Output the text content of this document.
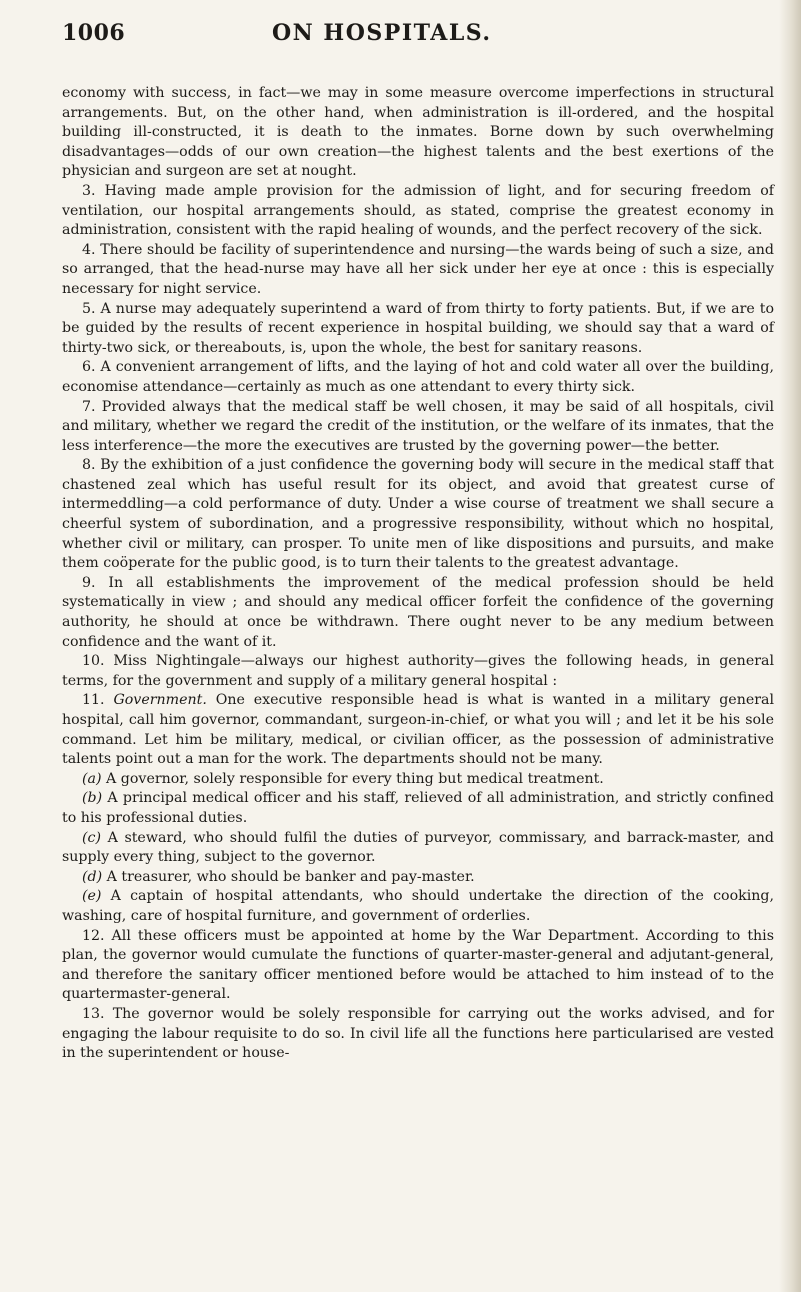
1006	ON HOSPITALS.

economy with success, in fact—we may in some measure overcome imperfections in structural arrangements. But, on the other hand, when administration is ill-ordered, and the hospital building ill-constructed, it is death to the inmates. Borne down by such overwhelming disadvantages—odds of our own creation—the highest talents and the best exertions of the physician and surgeon are set at nought.

3. Having made ample provision for the admission of light, and for securing freedom of ventilation, our hospital arrangements should, as stated, comprise the greatest economy in administration, consistent with the rapid healing of wounds, and the perfect recovery of the sick.

4. There should be facility of superintendence and nursing—the wards being of such a size, and so arranged, that the head-nurse may have all her sick under her eye at once : this is especially necessary for night service.

5. A nurse may adequately superintend a ward of from thirty to forty patients. But, if we are to be guided by the results of recent experience in hospital building, we should say that a ward of thirty-two sick, or thereabouts, is, upon the whole, the best for sanitary reasons.

6. A convenient arrangement of lifts, and the laying of hot and cold water all over the building, economise attendance—certainly as much as one attendant to every thirty sick.

7. Provided always that the medical staff be well chosen, it may be said of all hospitals, civil and military, whether we regard the credit of the institution, or the welfare of its inmates, that the less interference—the more the executives are trusted by the governing power—the better.

8. By the exhibition of a just confidence the governing body will secure in the medical staff that chastened zeal which has useful result for its object, and avoid that greatest curse of intermeddling—a cold performance of duty. Under a wise course of treatment we shall secure a cheerful system of subordination, and a progressive responsibility, without which no hospital, whether civil or military, can prosper. To unite men of like dispositions and pursuits, and make them coöperate for the public good, is to turn their talents to the greatest advantage.

9. In all establishments the improvement of the medical profession should be held systematically in view ; and should any medical officer forfeit the confidence of the governing authority, he should at once be withdrawn. There ought never to be any medium between confidence and the want of it.

10. Miss Nightingale—always our highest authority—gives the following heads, in general terms, for the government and supply of a military general hospital :

11. Government. One executive responsible head is what is wanted in a military general hospital, call him governor, commandant, surgeon-in-chief, or what you will ; and let it be his sole command. Let him be military, medical, or civilian officer, as the possession of administrative talents point out a man for the work. The departments should not be many.

(a) A governor, solely responsible for every thing but medical treatment.

(b) A principal medical officer and his staff, relieved of all administration, and strictly confined to his professional duties.

(c) A steward, who should fulfil the duties of purveyor, commissary, and barrack-master, and supply every thing, subject to the governor.

(d) A treasurer, who should be banker and pay-master.

(e) A captain of hospital attendants, who should undertake the direction of the cooking, washing, care of hospital furniture, and government of orderlies.

12. All these officers must be appointed at home by the War Department. According to this plan, the governor would cumulate the functions of quarter-master-general and adjutant-general, and therefore the sanitary officer mentioned before would be attached to him instead of to the quartermaster-general.

13. The governor would be solely responsible for carrying out the works advised, and for engaging the labour requisite to do so. In civil life all the functions here particularised are vested in the superintendent or house-
